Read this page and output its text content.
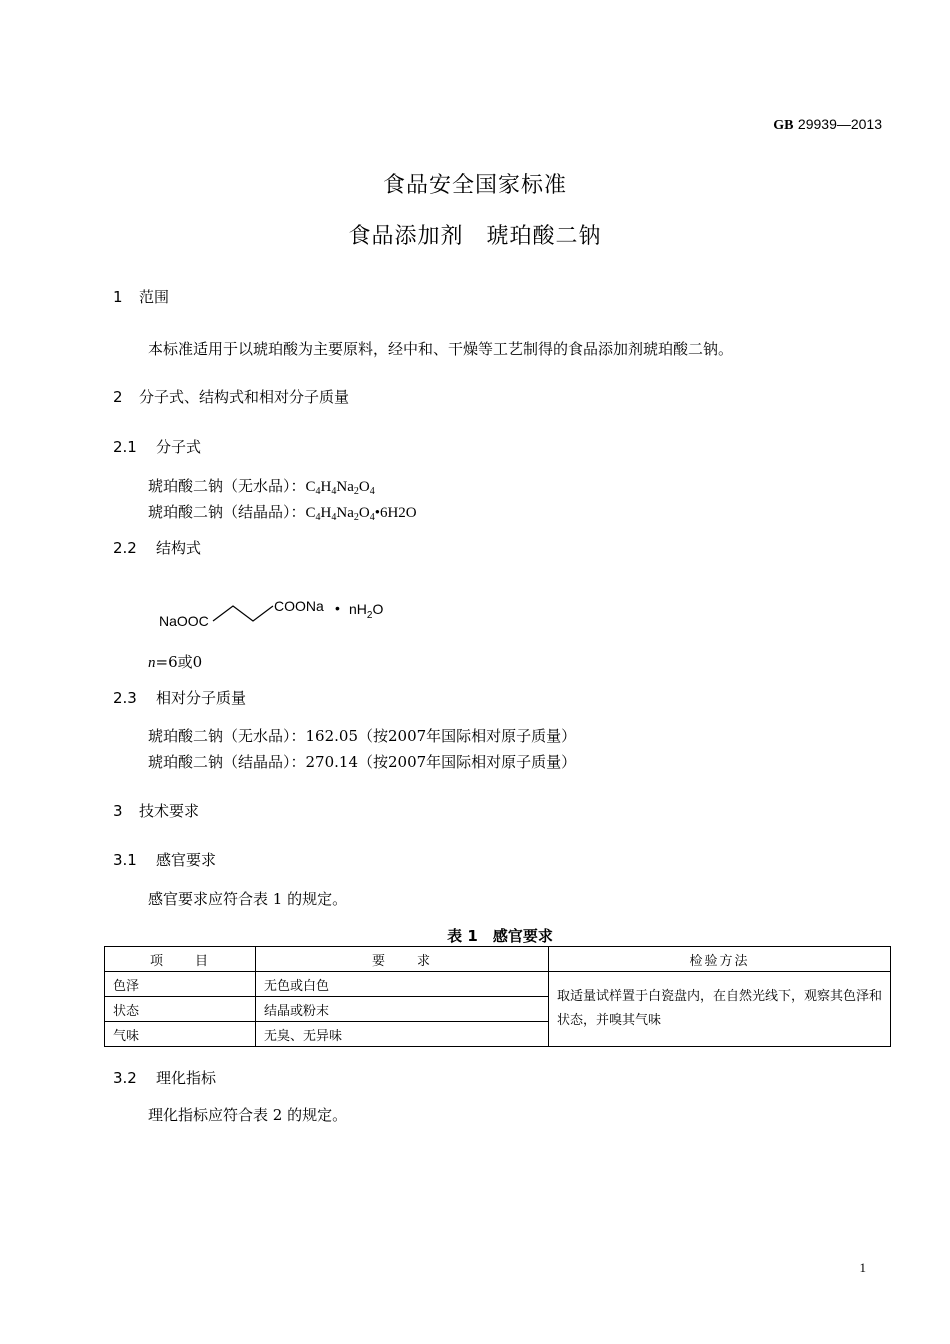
GB 29939—2013
食品安全国家标准
食品添加剂　琥珀酸二钠
1 范围
本标准适用于以琥珀酸为主要原料，经中和、干燥等工艺制得的食品添加剂琥珀酸二钠。
2 分子式、结构式和相对分子质量
2.1 分子式
琥珀酸二钠（无水品）：$C_4H_4Na_2O_4$
琥珀酸二钠（结晶品）：$C_4H_4Na_2O_4•6H2O$
2.2 结构式
NaOOC
COONa • $nH_2O$
n=6或0
2.3 相对分子质量
琥珀酸二钠（无水品）：162.05（按2007年国际相对原子质量）
琥珀酸二钠（结晶品）：270.14（按2007年国际相对原子质量）
3 技术要求
3.1 感官要求
感官要求应符合表 1 的规定。
表 1　感官要求
项　　目	要　　求	检验方法
色泽	无色或白色	取适量试样置于白瓷盘内，在自然光线下，观察其色泽和状态，并嗅其气味
状态	结晶或粉末	
气味	无臭、无异味	
3.2 理化指标
理化指标应符合表 2 的规定。
1
